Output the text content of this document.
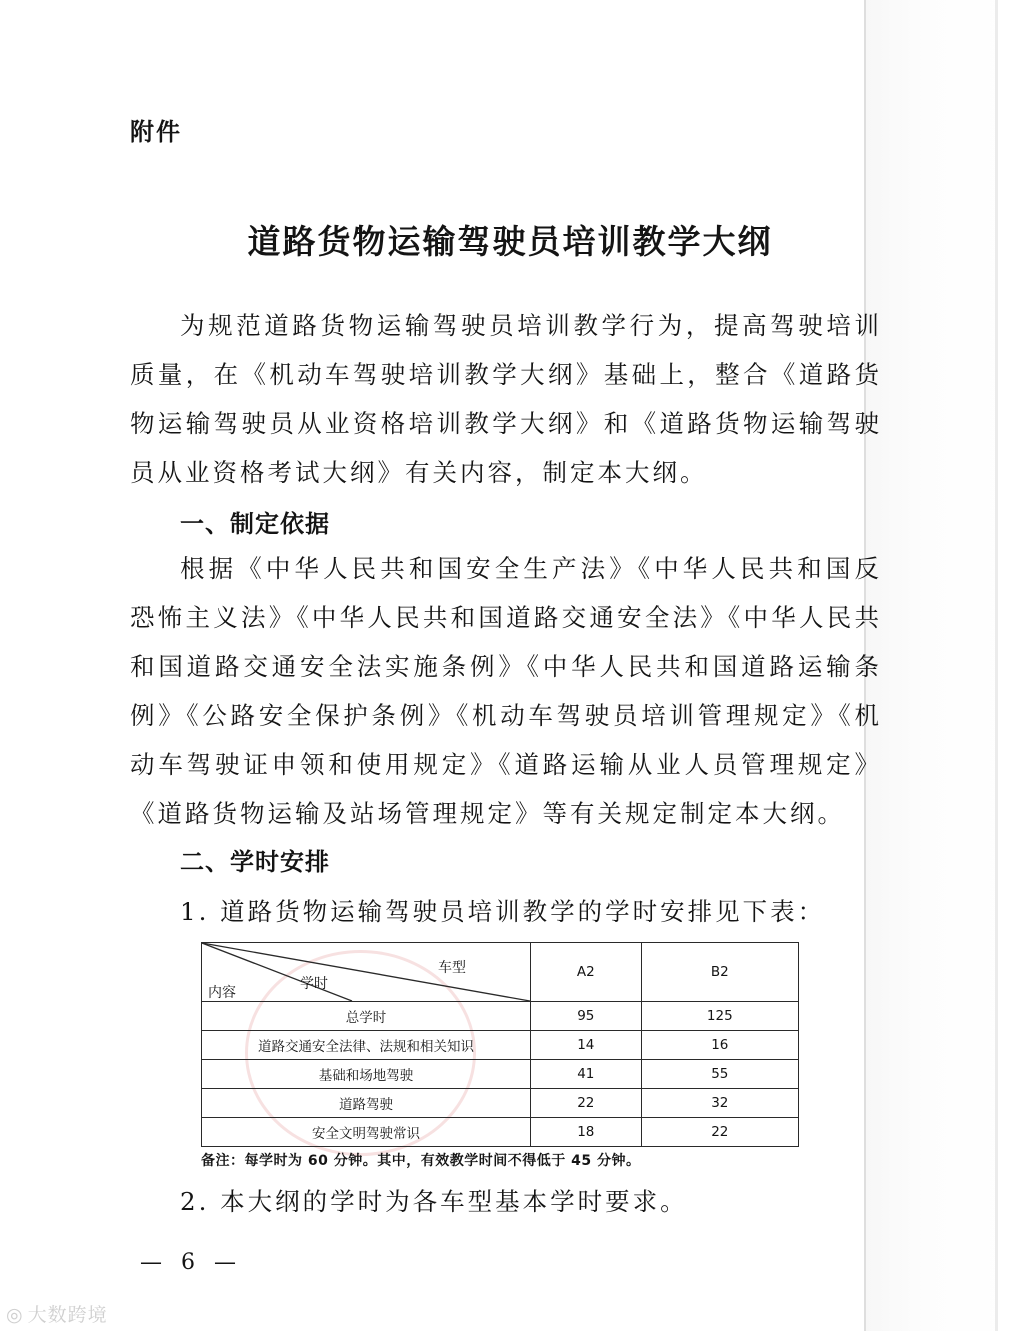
附件
道路货物运输驾驶员培训教学大纲

为规范道路货物运输驾驶员培训教学行为，提高驾驶培训质量，在《机动车驾驶培训教学大纲》基础上，整合《道路货物运输驾驶员从业资格培训教学大纲》和《道路货物运输驾驶员从业资格考试大纲》有关内容，制定本大纲。

一、制定依据

根据《中华人民共和国安全生产法》《中华人民共和国反恐怖主义法》《中华人民共和国道路交通安全法》《中华人民共和国道路交通安全法实施条例》《中华人民共和国道路运输条例》《公路安全保护条例》《机动车驾驶员培训管理规定》《机动车驾驶证申领和使用规定》《道路运输从业人员管理规定》《道路货物运输及站场管理规定》等有关规定制定本大纲。

二、学时安排
1. 道路货物运输驾驶员培训教学的学时安排见下表：
车型
学时
内容	A2	B2
总学时	95	125
道路交通安全法律、法规和相关知识	14	16
基础和场地驾驶	41	55
道路驾驶	22	32
安全文明驾驶常识	18	22
备注：每学时为 60 分钟。其中，有效教学时间不得低于 45 分钟。
2. 本大纲的学时为各车型基本学时要求。
— 6 —
◎ 大数跨境
